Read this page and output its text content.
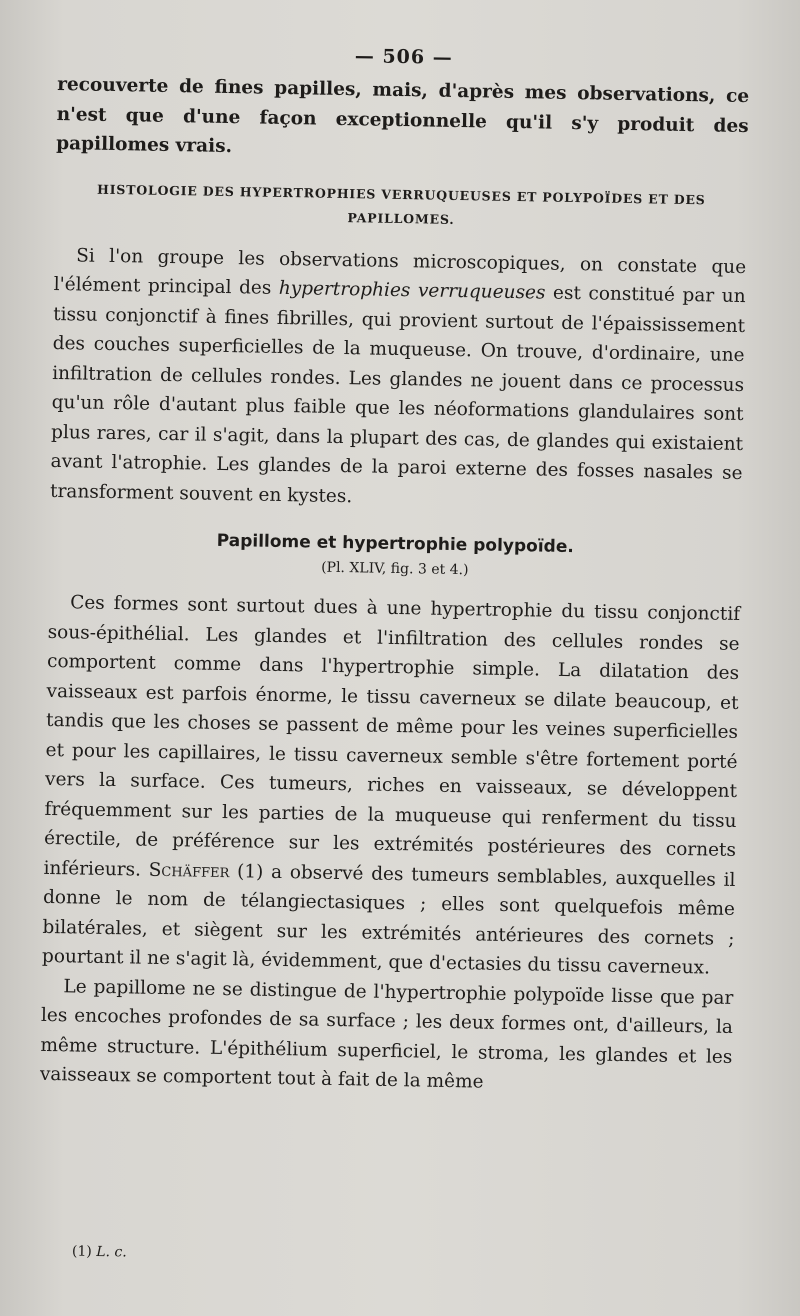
— 506 —

recouverte de fines papilles, mais, d'après mes observations, ce n'est que d'une façon exceptionnelle qu'il s'y produit des papillomes vrais.

HISTOLOGIE DES HYPERTROPHIES VERRUQUEUSES ET POLYPOÏDES ET DES PAPILLOMES.

Si l'on groupe les observations microscopiques, on constate que l'élément principal des hypertrophies verruqueuses est constitué par un tissu conjonctif à fines fibrilles, qui provient surtout de l'épaississement des couches superficielles de la muqueuse. On trouve, d'ordinaire, une infiltration de cellules rondes. Les glandes ne jouent dans ce processus qu'un rôle d'autant plus faible que les néoformations glandulaires sont plus rares, car il s'agit, dans la plupart des cas, de glandes qui existaient avant l'atrophie. Les glandes de la paroi externe des fosses nasales se transforment souvent en kystes.

Papillome et hypertrophie polypoïde.
(Pl. XLIV, fig. 3 et 4.)

Ces formes sont surtout dues à une hypertrophie du tissu conjonctif sous-épithélial. Les glandes et l'infiltration des cellules rondes se comportent comme dans l'hypertrophie simple. La dilatation des vaisseaux est parfois énorme, le tissu caverneux se dilate beaucoup, et tandis que les choses se passent de même pour les veines superficielles et pour les capillaires, le tissu caverneux semble s'être fortement porté vers la surface. Ces tumeurs, riches en vaisseaux, se développent fréquemment sur les parties de la muqueuse qui renferment du tissu érectile, de préférence sur les extrémités postérieures des cornets inférieurs. Schäffer (1) a observé des tumeurs semblables, auxquelles il donne le nom de télangiectasiques ; elles sont quelquefois même bilatérales, et siègent sur les extrémités antérieures des cornets ; pourtant il ne s'agit là, évidemment, que d'ectasies du tissu caverneux.

Le papillome ne se distingue de l'hypertrophie polypoïde lisse que par les encoches profondes de sa surface ; les deux formes ont, d'ailleurs, la même structure. L'épithélium superficiel, le stroma, les glandes et les vaisseaux se comportent tout à fait de la même

(1) L. c.
